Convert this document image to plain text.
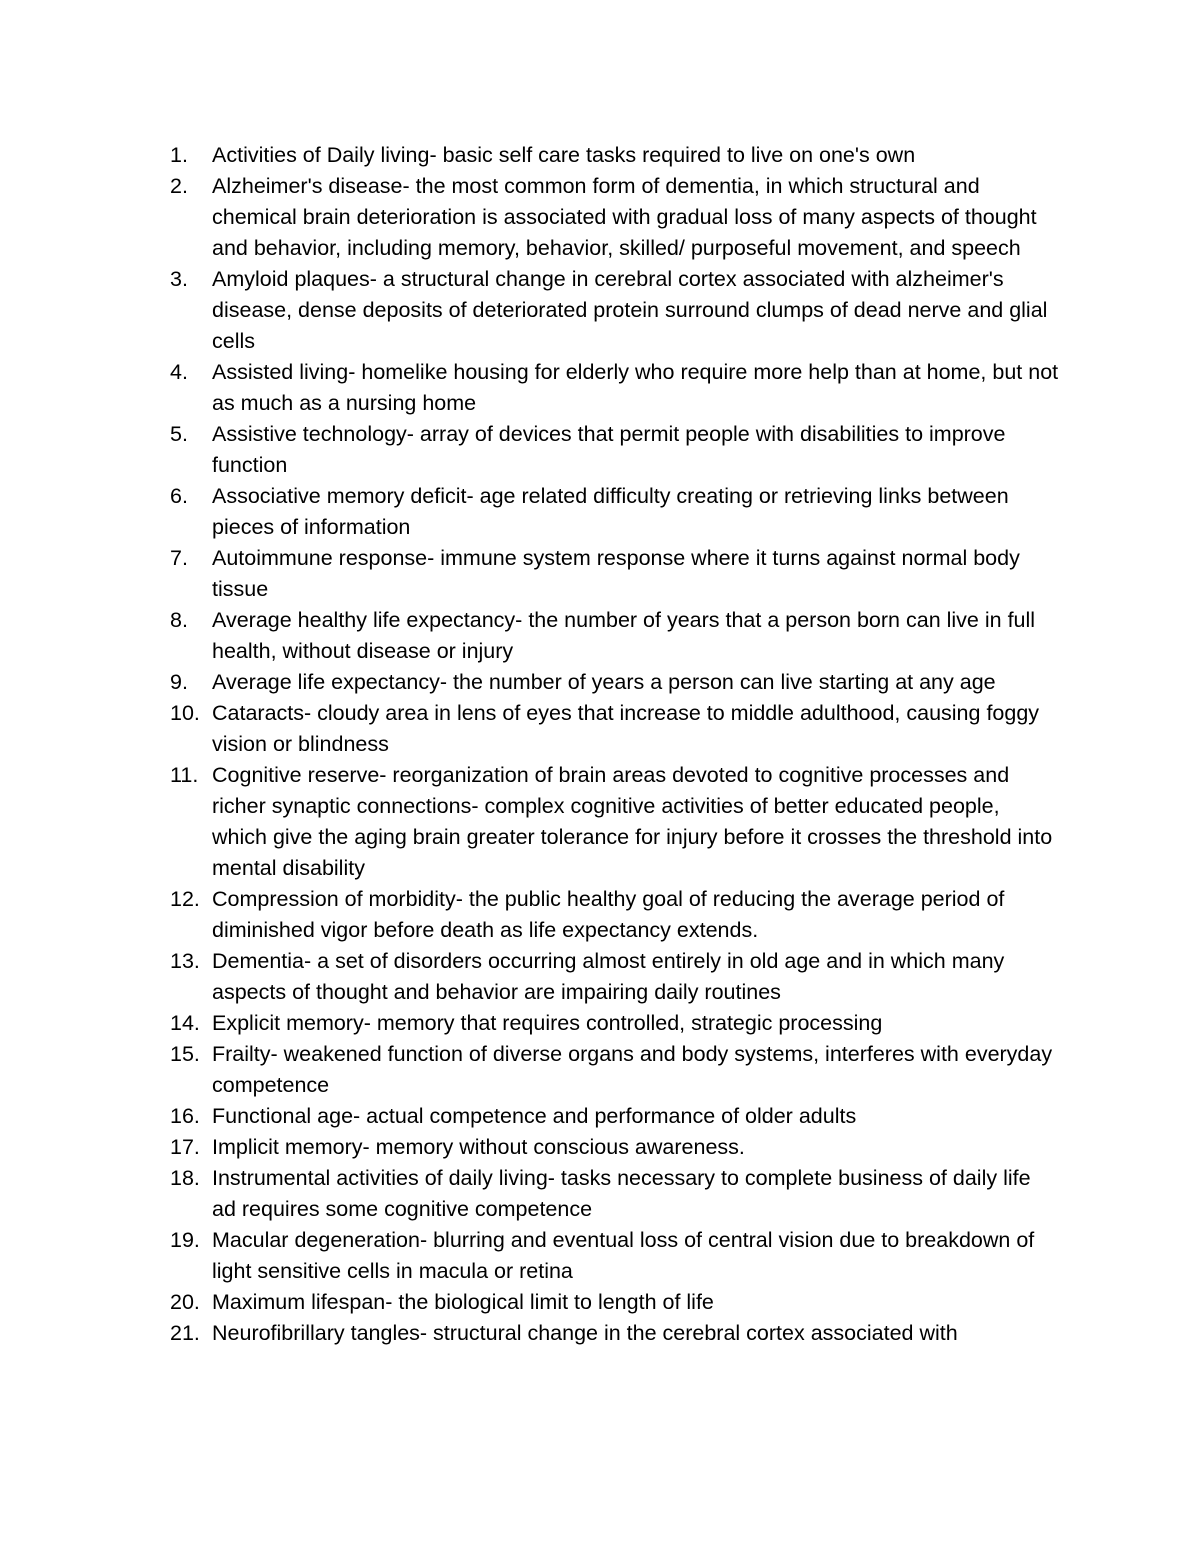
1.	Activities of Daily living- basic self care tasks required to live on one's own
2.	Alzheimer's disease- the most common form of dementia, in which structural and chemical brain deterioration is associated with gradual loss of many aspects of thought and behavior, including memory, behavior, skilled/ purposeful movement, and speech
3.	Amyloid plaques- a structural change in cerebral cortex associated with alzheimer's disease, dense deposits of deteriorated protein surround clumps of dead nerve and glial cells
4.	Assisted living- homelike housing for elderly who require more help than at home, but not as much as a nursing home
5.	Assistive technology- array of devices that permit people with disabilities to improve function
6.	Associative memory deficit- age related difficulty creating or retrieving links between pieces of information
7.	Autoimmune response- immune system response where it turns against normal body tissue
8.	Average healthy life expectancy- the number of years that a person born can live in full health, without disease or injury
9.	Average life expectancy- the number of years a person can live starting at any age
10. Cataracts- cloudy area in lens of eyes that increase to middle adulthood, causing foggy vision or blindness
11. Cognitive reserve- reorganization of brain areas devoted to cognitive processes and richer synaptic connections- complex cognitive activities of better educated people, which give the aging brain greater tolerance for injury before it crosses the threshold into mental disability
12. Compression of morbidity- the public healthy goal of reducing the average period of diminished vigor before death as life expectancy extends.
13. Dementia- a set of disorders occurring almost entirely in old age and in which many aspects of thought and behavior are impairing daily routines
14. Explicit memory- memory that requires controlled, strategic processing
15. Frailty- weakened function of diverse organs and body systems, interferes with everyday competence
16. Functional age- actual competence and performance of older adults
17. Implicit memory- memory without conscious awareness.
18. Instrumental activities of daily living- tasks necessary to complete business of daily life ad requires some cognitive competence
19. Macular degeneration- blurring and eventual loss of central vision due to breakdown of light sensitive cells in macula or retina
20. Maximum lifespan- the biological limit to length of life
21. Neurofibrillary tangles- structural change in the cerebral cortex associated with
